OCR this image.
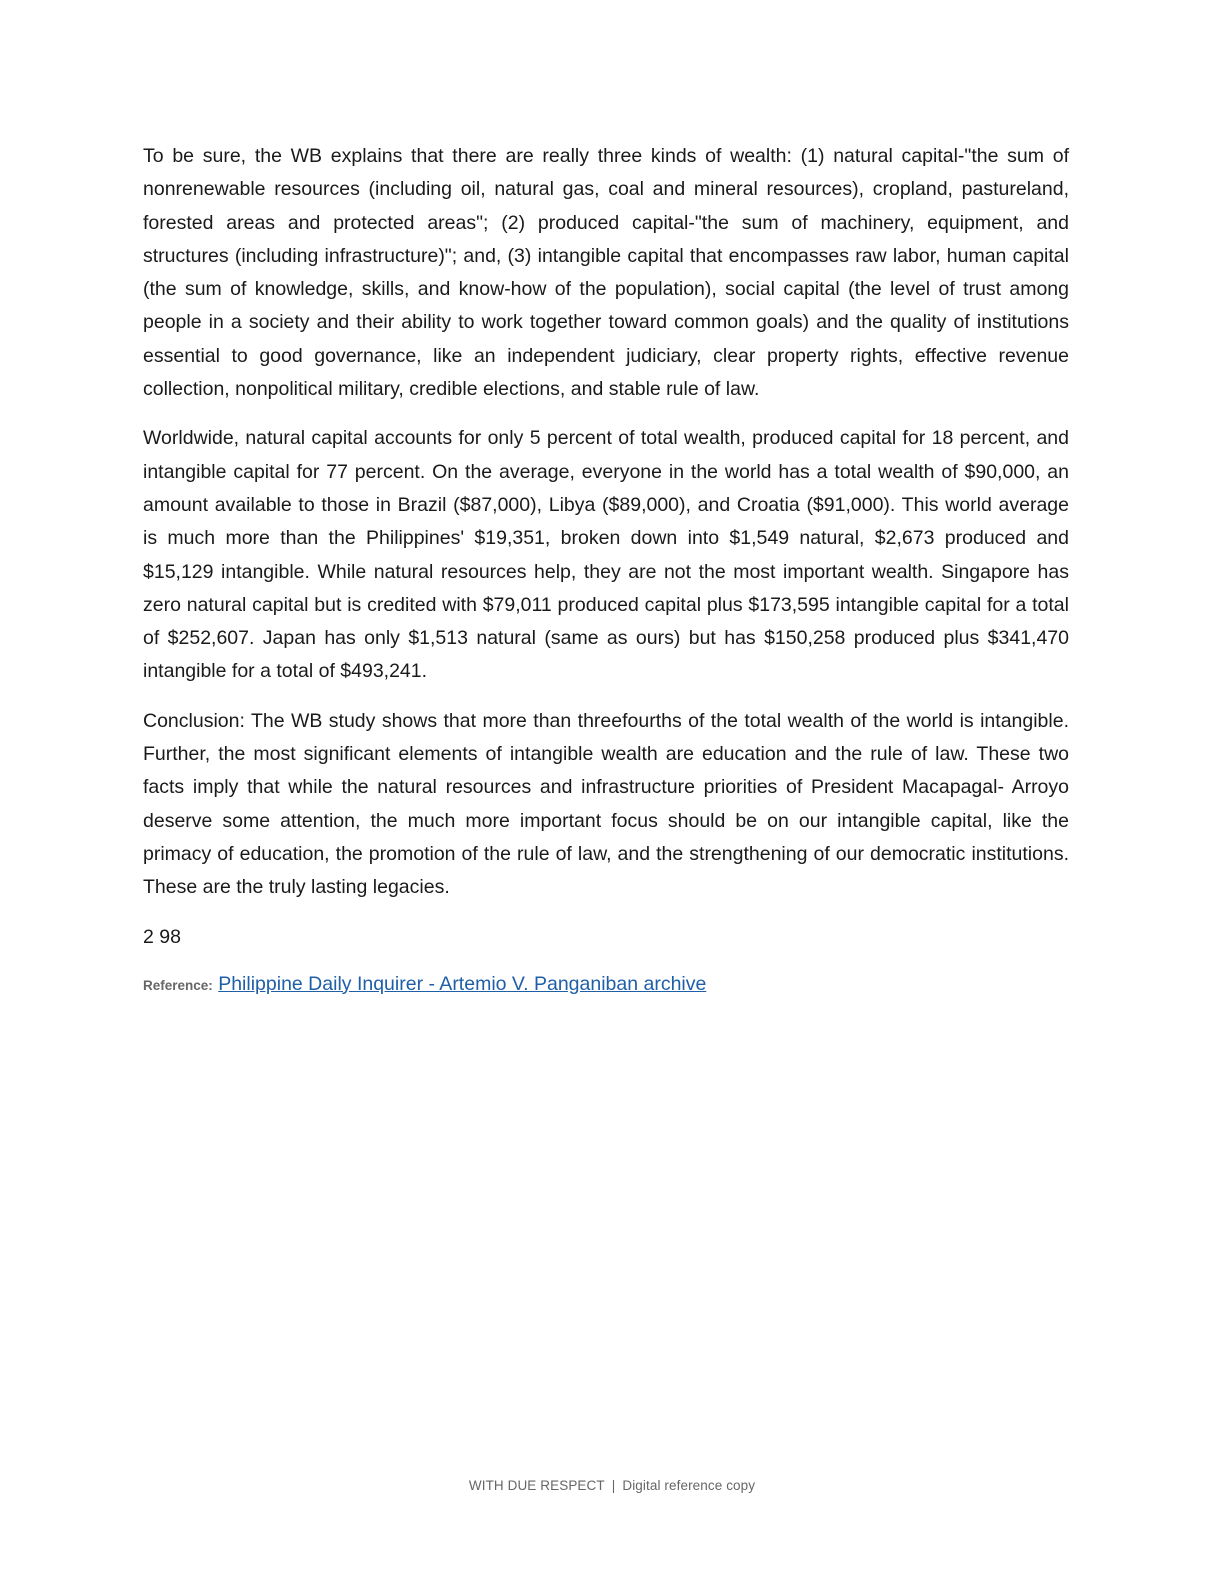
To be sure, the WB explains that there are really three kinds of wealth: (1) natural capital-"the sum of nonrenewable resources (including oil, natural gas, coal and mineral resources), cropland, pastureland, forested areas and protected areas"; (2) produced capital-"the sum of machinery, equipment, and structures (including infrastructure)"; and, (3) intangible capital that encompasses raw labor, human capital (the sum of knowledge, skills, and know-how of the population), social capital (the level of trust among people in a society and their ability to work together toward common goals) and the quality of institutions essential to good governance, like an independent judiciary, clear property rights, effective revenue collection, nonpolitical military, credible elections, and stable rule of law.

Worldwide, natural capital accounts for only 5 percent of total wealth, produced capital for 18 percent, and intangible capital for 77 percent. On the average, everyone in the world has a total wealth of $90,000, an amount available to those in Brazil ($87,000), Libya ($89,000), and Croatia ($91,000). This world average is much more than the Philippines' $19,351, broken down into $1,549 natural, $2,673 produced and $15,129 intangible. While natural resources help, they are not the most important wealth. Singapore has zero natural capital but is credited with $79,011 produced capital plus $173,595 intangible capital for a total of $252,607. Japan has only $1,513 natural (same as ours) but has $150,258 produced plus $341,470 intangible for a total of $493,241.

Conclusion: The WB study shows that more than threefourths of the total wealth of the world is intangible. Further, the most significant elements of intangible wealth are education and the rule of law. These two facts imply that while the natural resources and infrastructure priorities of President Macapagal- Arroyo deserve some attention, the much more important focus should be on our intangible capital, like the primacy of education, the promotion of the rule of law, and the strengthening of our democratic institutions. These are the truly lasting legacies.

2 98
Reference: Philippine Daily Inquirer - Artemio V. Panganiban archive
WITH DUE RESPECT | Digital reference copy
